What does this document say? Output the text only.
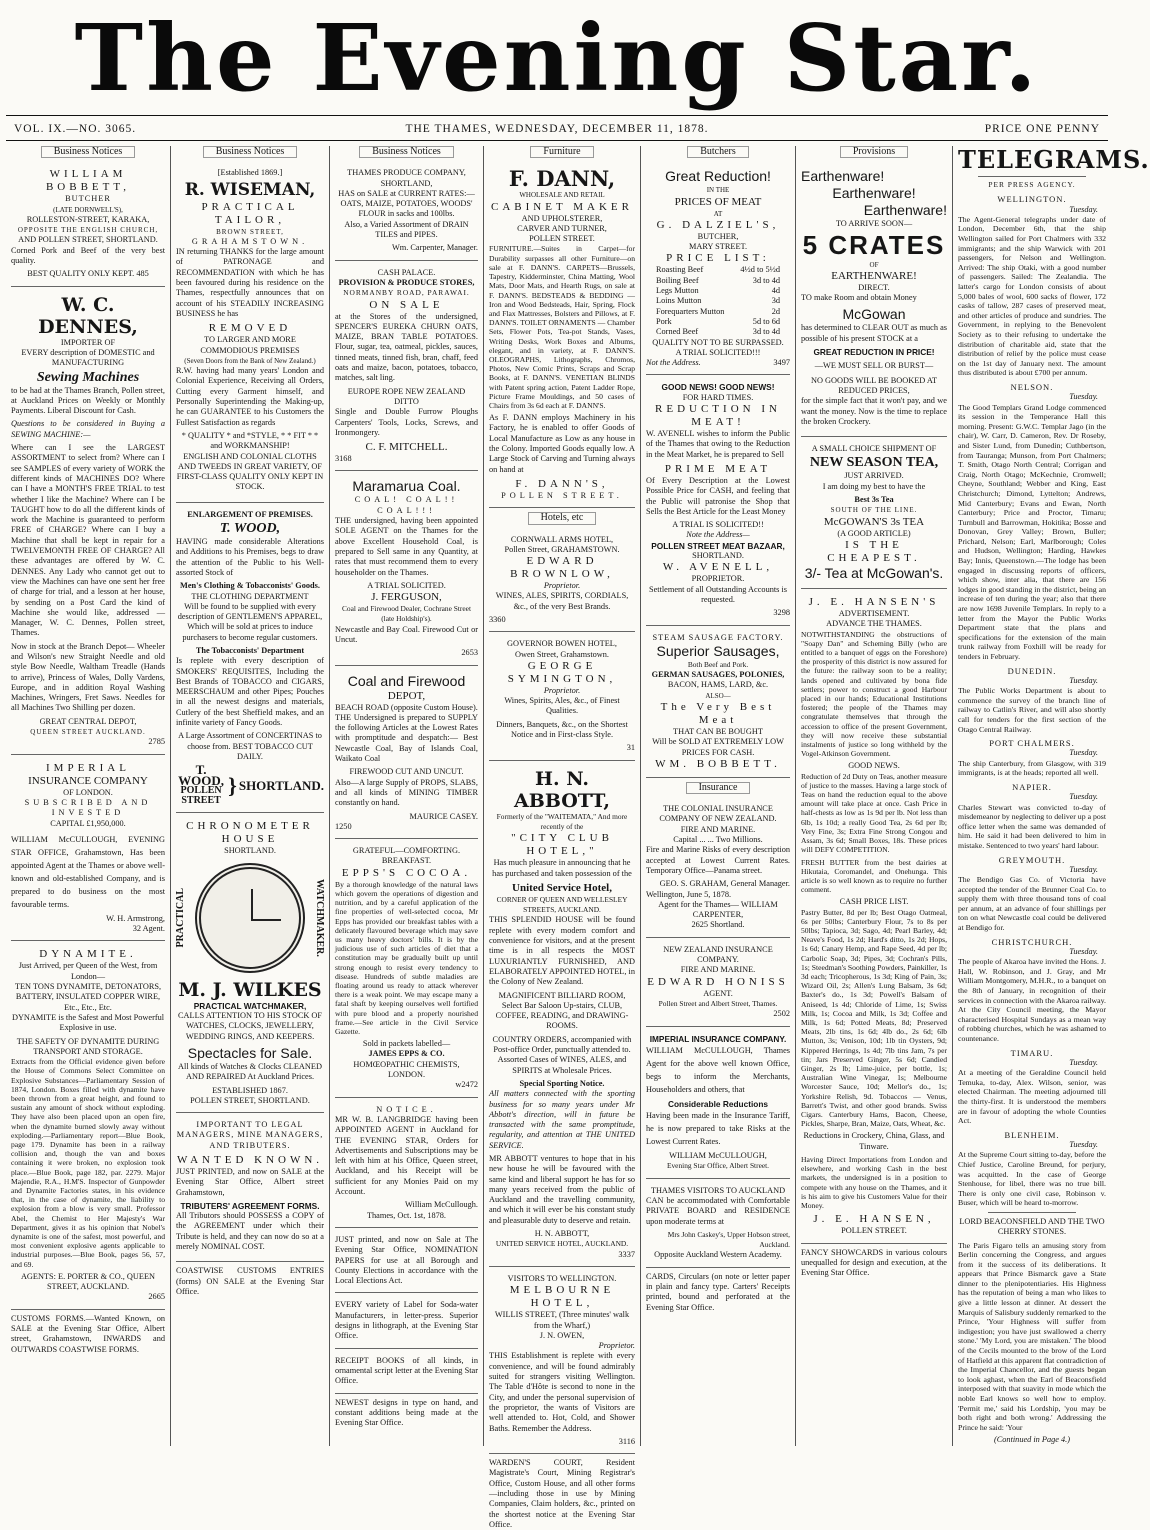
The Evening Star.
VOL. IX.—NO. 3065.	THE THAMES, WEDNESDAY, DECEMBER 11, 1878.	PRICE ONE PENNY
Business Notices
WILLIAM BOBBETT,
BUTCHER
(LATE DORNWELL'S),
ROLLESTON-STREET, KARAKA,
OPPOSITE THE ENGLISH CHURCH,
AND POLLEN STREET, SHORTLAND.

Corned Pork and Beef of the very best quality.

BEST QUALITY ONLY KEPT. 485
W. C. DENNES,
IMPORTER OF
EVERY description of DOMESTIC and MANUFACTURING
Sewing Machines

to be had at the Thames Branch, Pollen street, at Auckland Prices on Weekly or Monthly Payments. Liberal Discount for Cash.

Questions to be considered in Buying a SEWING MACHINE:—

Where can I see the LARGEST ASSORTMENT to select from? Where can I see SAMPLES of every variety of WORK the different kinds of MACHINES DO? Where can I have a MONTH'S FREE TRIAL to test whether I like the Machine? Where can I be TAUGHT how to do all the different kinds of work the Machine is guaranteed to perform FREE of CHARGE? Where can I buy a Machine that shall be kept in repair for a TWELVEMONTH FREE OF CHARGE? All these advantages are offered by W. C. DENNES. Any Lady who cannot get out to view the Machines can have one sent her free of charge for trial, and a lesson at her house, by sending on a Post Card the kind of Machine she would like, addressed — Manager, W. C. Dennes, Pollen street, Thames.

Now in stock at the Branch Depot— Wheeler and Wilson's new Straight Needle and old style Bow Needle, Waltham Treadle (Hands to arrive), Princess of Wales, Dolly Vardens, Europe, and in addition Royal Washing Machines, Wringers, Fret Saws. Needles for all Machines Two Shilling per dozen.

GREAT CENTRAL DEPOT,
QUEEN STREET AUCKLAND.
2785
IMPERIAL
INSURANCE COMPANY
OF LONDON.
SUBSCRIBED AND INVESTED
CAPITAL £1,950,000.

WILLIAM McCULLOUGH, EVENING STAR OFFICE, Grahamstown, Has been appointed Agent at the Thames or above well-known and old-established Company, and is prepared to do business on the most favourable terms.

W. H. Armstrong,
32 Agent.
DYNAMITE.
Just Arrived, per Queen of the West, from London—
TEN TONS DYNAMITE, DETONATORS, BATTERY, INSULATED COPPER WIRE, Etc., Etc., Etc.

DYNAMITE is the Safest and Most Powerful Explosive in use.

THE SAFETY OF DYNAMITE DURING TRANSPORT AND STORAGE.

Extracts from the Official evidence given before the House of Commons Select Committee on Explosive Substances—Parliamentary Session of 1874, London. Boxes filled with dynamite have been thrown from a great height, and found to sustain any amount of shock without exploding. They have also been placed upon an open fire, when the dynamite burned slowly away without exploding.—Parliamentary report—Blue Book, page 179. Dynamite has been in a railway collision and, though the van and boxes containing it were broken, no explosion took place.—Blue Book, page 182, par. 2279. Major Majendie, R.A., H.M'S. Inspector of Gunpowder and Dynamite Factories states, in his evidence that, in the case of dynamite, the liability to explosion from a blow is very small. Professor Abel, the Chemist to Her Majesty's War Department, gives it as his opinion that Nobel's dynamite is one of the safest, most powerful, and most convenient explosive agents applicable to industrial purposes.—Blue Book, pages 56, 57, and 69.

AGENTS: E. PORTER & CO., QUEEN STREET, AUCKLAND.
2665
CUSTOMS FORMS.—Wanted Known, on SALE at the Evening Star Office, Albert street, Grahamstown, INWARDS and OUTWARDS COASTWISE FORMS.
Business Notices
[Established 1869.]
R. WISEMAN,
PRACTICAL TAILOR,
BROWN STREET,
GRAHAMSTOWN.

IN returning THANKS for the large amount of PATRONAGE and RECOMMENDATION with which he has been favoured during his residence on the Thames, respectfully announces that on account of his STEADILY INCREASING BUSINESS he has

REMOVED
TO LARGER AND MORE COMMODIOUS PREMISES
(Seven Doors from the Bank of New Zealand.)

R.W. having had many years' London and Colonial Experience, Receiving all Orders, Cutting every Garment himself, and Personally Superintending the Making-up, he can GUARANTEE to his Customers the Fullest Satisfaction as regards

* QUALITY * and *STYLE, * * FIT * * and WORKMANSHIP!

ENGLISH AND COLONIAL CLOTHS AND TWEEDS IN GREAT VARIETY, OF FIRST-CLASS QUALITY ONLY KEPT IN STOCK.

ENLARGEMENT OF PREMISES.
T. WOOD,

HAVING made considerable Alterations and Additions to his Premises, begs to draw the attention of the Public to his Well-assorted Stock of

Men's Clothing & Tobacconists' Goods.
THE CLOTHING DEPARTMENT

Will be found to be supplied with every description of GENTLEMEN'S APPAREL, Which will be sold at prices to induce purchasers to become regular customers.

The Tobacconists' Department

Is replete with every description of SMOKERS' REQUISITES, Including the Best Brands of TOBACCO and CIGARS, MEERSCHAUM and other Pipes; Pouches in all the newest designs and materials, Cutlery of the best Sheffield makes, and an infinite variety of Fancy Goods.

A Large Assortment of CONCERTINAS to choose from. BEST TOBACCO CUT DAILY.

T. WOOD,
POLLEN STREET
} SHORTLAND.
CHRONOMETER HOUSE
SHORTLAND.
PRACTICAL	WATCHMAKER.
M. J. WILKES
PRACTICAL WATCHMAKER,

CALLS ATTENTION TO HIS STOCK OF WATCHES, CLOCKS, JEWELLERY, WEDDING RINGS, AND KEEPERS.

Spectacles for Sale.

All kinds of Watches & Clocks CLEANED AND REPAIRED At Auckland Prices.

ESTABLISHED 1867.
POLLEN STREET, SHORTLAND.

IMPORTANT TO LEGAL MANAGERS, MINE MANAGERS, AND TRIBUTERS.

WANTED KNOWN.

JUST PRINTED, and now on SALE at the Evening Star Office, Albert street Grahamstown,

TRIBUTERS' AGREEMENT FORMS.

All Tributors should POSSESS a COPY of the AGREEMENT under which their Tribute is held, and they can now do so at a merely NOMINAL COST.

COASTWISE CUSTOMS ENTRIES (forms) ON SALE at the Evening Star Office.
Business Notices
THAMES PRODUCE COMPANY, SHORTLAND,
HAS on SALE at CURRENT RATES:—
OATS, MAIZE, POTATOES, WOODS' FLOUR in sacks and 100lbs.

Also, a Varied Assortment of DRAIN TILES and PIPES.

Wm. Carpenter, Manager.
CASH PALACE.
PROVISION & PRODUCE STORES,
NORMANBY ROAD, PARAWAI.
ON SALE

at the Stores of the undersigned, SPENCER'S EUREKA CHURN OATS, MAIZE, BRAN TABLE POTATOES. Flour, sugar, tea, oatmeal, pickles, sauces, tinned meats, tinned fish, bran, chaff, feed oats and maize, bacon, potatoes, tobacco, matches, salt ling.

EUROPE ROPE NEW ZEALAND DITTO

Single and Double Furrow Ploughs Carpenters' Tools, Locks, Screws, and Ironmongery.

C. F. MITCHELL.
3168
Maramarua Coal.
COAL! COAL!! COAL!!!

THE undersigned, having been appointed SOLE AGENT on the Thames for the above Excellent Household Coal, is prepared to Sell same in any Quantity, at rates that must recommend them to every householder on the Thames.

A TRIAL SOLICITED.
J. FERGUSON,
Coal and Firewood Dealer, Cochrane Street (late Holdship's).

Newcastle and Bay Coal. Firewood Cut or Uncut.

2653
Coal and Firewood
DEPOT,
BEACH ROAD (opposite Custom House).

THE Undersigned is prepared to SUPPLY the following Articles at the Lowest Rates with promptitude and despatch:— Best Newcastle Coal, Bay of Islands Coal, Waikato Coal

FIREWOOD CUT AND UNCUT.

Also—A large Supply of PROPS, SLABS, and all kinds of MINING TIMBER constantly on hand.

MAURICE CASEY.
1250
GRATEFUL—COMFORTING.
BREAKFAST.
EPPS'S COCOA.

By a thorough knowledge of the natural laws which govern the operations of digestion and nutrition, and by a careful application of the fine properties of well-selected cocoa, Mr Epps has provided our breakfast tables with a delicately flavoured beverage which may save us many heavy doctors' bills. It is by the judicious use of such articles of diet that a constitution may be gradually built up until strong enough to resist every tendency to disease. Hundreds of subtle maladies are floating around us ready to attack wherever there is a weak point. We may escape many a fatal shaft by keeping ourselves well fortified with pure blood and a properly nourished frame.—See article in the Civil Service Gazette.

Sold in packets labelled—
JAMES EPPS & CO.
HOMŒOPATHIC CHEMISTS, LONDON.
w2472
NOTICE.

MR W. B. LANGBRIDGE having been APPOINTED AGENT in Auckland for THE EVENING STAR, Orders for Advertisements and Subscriptions may be left with him at his Office, Queen street, Auckland, and his Receipt will be sufficient for any Monies Paid on my Account.

William McCullough.
Thames, Oct. 1st, 1878.

JUST printed, and now on Sale at The Evening Star Office, NOMINATION PAPERS for use at all Borough and County Elections in accordance with the Local Elections Act.

EVERY variety of Label for Soda-water Manufacturers, in letter-press. Superior designs in lithograph, at the Evening Star Office.

RECEIPT BOOKS of all kinds, in ornamental script letter at the Evening Star Office.

NEWEST designs in type on hand, and constant additions being made at the Evening Star Office.

Furniture
F. DANN,
WHOLESALE AND RETAIL
CABINET MAKER
AND UPHOLSTERER,
CARVER AND TURNER,
POLLEN STREET.

FURNITURE.—Suites in Carpet—for Durability surpasses all other Furniture—on sale at F. DANN'S. CARPETS—Brussels, Tapestry, Kidderminster, China Matting, Wool Mats, Door Mats, and Hearth Rugs, on sale at F. DANN'S. BEDSTEADS & BEDDING — Iron and Wood Bedsteads, Hair, Spring, Flock and Flax Mattresses, Bolsters and Pillows, at F. DANN'S. TOILET ORNAMENTS — Chamber Sets, Flower Pots, Tea-pot Stands, Vases, Writing Desks, Work Boxes and Albums, elegant, and in variety, at F. DANN'S. OLEOGRAPHS, Lithographs, Chromos, Photos, New Comic Prints, Scraps and Scrap Books, at F. DANN'S. VENETIAN BLINDS with Patent spring action, Patent Ladder Rope, Picture Frame Mouldings, and 50 cases of Chairs from 3s 6d each at F. DANN'S.

As F. DANN employs Machinery in his Factory, he is enabled to offer Goods of Local Manufacture as Low as any house in the Colony. Imported Goods equally low. A Large Stock of Carving and Turning always on hand at

F. DANN'S,
POLLEN STREET.
Hotels, etc
CORNWALL ARMS HOTEL,
Pollen Street, GRAHAMSTOWN.
EDWARD BROWNLOW,
Proprietor.

WINES, ALES, SPIRITS, CORDIALS, &c., of the very Best Brands.

3360
GOVERNOR BOWEN HOTEL,
Owen Street, Grahamstown.
GEORGE SYMINGTON,
Proprietor.

Wines, Spirits, Ales, &c., of Finest Qualities.

Dinners, Banquets, &c., on the Shortest Notice and in First-class Style.

31
H. N. ABBOTT,
Formerly of the "WAITEMATA," And more recently of the
"CITY CLUB HOTEL,"

Has much pleasure in announcing that he has purchased and taken possession of the

United Service Hotel,
CORNER OF QUEEN AND WELLESLEY STREETS, AUCKLAND.

THIS SPLENDID HOUSE will be found replete with every modern comfort and convenience for visitors, and at the present time is in all respects the MOST LUXURIANTLY FURNISHED, AND ELABORATELY APPOINTED HOTEL, in the Colony of New Zealand.

MAGNIFICENT BILLIARD ROOM, Select Bar Saloon Up-stairs, CLUB, COFFEE, READING, and DRAWING-ROOMS.

COUNTRY ORDERS, accompanied with Post-office Order, punctually attended to. Assorted Cases of WINES, ALES, and SPIRITS at Wholesale Prices.

Special Sporting Notice.

All matters connected with the sporting business for so many years under Mr Abbott's direction, will in future be transacted with the same promptitude, regularity, and attention at THE UNITED SERVICE.

MR ABBOTT ventures to hope that in his new house he will be favoured with the same kind and liberal support he has for so many years received from the public of Auckland and the travelling community, and which it will ever be his constant study and pleasurable duty to deserve and retain.

H. N. ABBOTT,
UNITED SERVICE HOTEL, AUCKLAND.
3337
VISITORS TO WELLINGTON.
MELBOURNE HOTEL,
WILLIS STREET, (Three minutes' walk from the Wharf,)
J. N. OWEN,
Proprietor.

THIS Establishment is replete with every convenience, and will be found admirably suited for strangers visiting Wellington. The Table d'Hôte is second to none in the City, and under the personal supervision of the proprietor, the wants of Visitors are well attended to. Hot, Cold, and Shower Baths. Remember the Address.

3116
WARDEN'S COURT, Resident Magistrate's Court, Mining Registrar's Office, Custom House, and all other forms—including those in use by Mining Companies, Claim holders, &c., printed on the shortest notice at the Evening Star Office.
Butchers
Great Reduction!
IN THE
PRICES OF MEAT
AT
G. DALZIEL'S,
BUTCHER,
MARY STREET.
PRICE LIST:
Roasting Beef	4½d to 5½d
Boiling Beef	3d to 4d
Legs Mutton	4d
Loins Mutton	3d
Forequarters Mutton	2d
Pork	5d to 6d
Corned Beef	3d to 4d
QUALITY NOT TO BE SURPASSED.
A TRIAL SOLICITED!!!
Not the Address.	3497
GOOD NEWS! GOOD NEWS!
FOR HARD TIMES.
REDUCTION IN MEAT!

W. AVENELL wishes to inform the Public of the Thames that owing to the Reduction in the Meat Market, he is prepared to Sell

PRIME MEAT

Of Every Description at the Lowest Possible Price for CASH, and feeling that the Public will patronise the Shop that Sells the Best Article for the Least Money

A TRIAL IS SOLICITED!!
Note the Address—
POLLEN STREET MEAT BAZAAR,
SHORTLAND.
W. AVENELL,
PROPRIETOR.

Settlement of all Outstanding Accounts is requested.

3298
STEAM SAUSAGE FACTORY.
Superior Sausages,
Both Beef and Pork.
GERMAN SAUSAGES, POLONIES,
BACON, HAMS, LARD, &c.
ALSO—
The Very Best Meat
THAT CAN BE BOUGHT
Will be SOLD AT EXTREMELY LOW
PRICES FOR CASH.
WM. BOBBETT.
Insurance
THE COLONIAL INSURANCE COMPANY OF NEW ZEALAND.
FIRE AND MARINE.
Capital ... ... Two Millions.

Fire and Marine Risks of every description accepted at Lowest Current Rates. Temporary Office—Panama street.

GEO. S. GRAHAM, General Manager.
Wellington, June 5, 1878.
Agent for the Thames— WILLIAM CARPENTER,
2625 Shortland.
NEW ZEALAND INSURANCE COMPANY.
FIRE AND MARINE.
EDWARD HONISS
AGENT.
Pollen Street and Albert Street, Thames.
2502
IMPERIAL INSURANCE COMPANY.

WILLIAM McCULLOUGH, Thames Agent for the above well known Office, begs to inform the Merchants, Householders and others, that

Considerable Reductions

Having been made in the Insurance Tariff, he is now prepared to take Risks at the Lowest Current Rates.

WILLIAM McCULLOUGH,
Evening Star Office, Albert Street.
THAMES VISITORS TO AUCKLAND

CAN be accommodated with Comfortable PRIVATE BOARD and RESIDENCE upon moderate terms at

Mrs John Caskey's, Upper Hobson street, Auckland.
Opposite Auckland Western Academy.
CARDS, Circulars (on note or letter paper in plain and fancy type. Carters' Receipts printed, bound and perforated at the Evening Star Office.
Provisions
Earthenware!
Earthenware!
Earthenware!
TO ARRIVE SOON—
5 CRATES
OF
EARTHENWARE!
DIRECT.

TO make Room and obtain Money

McGowan

has determined to CLEAR OUT as much as possible of his present STOCK at a

GREAT REDUCTION IN PRICE!
—WE MUST SELL OR BURST—
NO GOODS WILL BE BOOKED AT REDUCED PRICES,

for the simple fact that it won't pay, and we want the money. Now is the time to replace the broken Crockery.

A SMALL CHOICE SHIPMENT OF
NEW SEASON TEA,
JUST ARRIVED.

I am doing my best to have the

Best 3s Tea
SOUTH OF THE LINE.
McGOWAN'S 3s TEA
(A GOOD ARTICLE)
IS THE CHEAPEST.
3/- Tea at McGowan's.
J. E. HANSEN'S
ADVERTISEMENT.
ADVANCE THE THAMES.

NOTWITHSTANDING the obstructions of "Soapy Dan" and Scheming Billy (who are entitled to a banquet of eggs on the Foreshore) the prosperity of this district is now assured for the future: the railway soon to be a reality; lands opened and cultivated by bona fide settlers; power to construct a good Harbour placed in our hands; Educational Institutions fostered; the people of the Thames may congratulate themselves that through the accession to office of the present Government, they will now receive these substantial instalments of justice so long withheld by the Vogel-Atkinson Government.

GOOD NEWS.

Reduction of 2d Duty on Teas, another measure of justice to the masses. Having a large stock of Teas on hand the reduction equal to the above amount will take place at once. Cash Price in half-chests as low as 1s 9d per lb. Not less than 6lb, 1s 10d; a really Good Tea, 2s 6d per lb; Very Fine, 3s; Extra Fine Strong Congou and Assam, 3s 6d; Small Boxes, 18s. These prices will DEFY COMPETITION.

FRESH BUTTER from the best dairies at Hikutaia, Coromandel, and Onehunga. This article is so well known as to require no further comment.

CASH PRICE LIST.

Pastry Butter, 8d per lb; Best Otago Oatmeal, 6s per 50lbs; Canterbury Flour, 7s to 8s per 50lbs; Tapioca, 3d; Sago, 4d; Pearl Barley, 4d; Neave's Food, 1s 2d; Hard's ditto, 1s 2d; Hops, 1s 6d; Canary Hemp, and Rape Seed, 4d per lb; Carbolic Soap, 3d; Pipes, 3d; Cochran's Pills, 1s; Steedman's Soothing Powders, Painkiller, 1s 3d each; Tricopherous, 1s 3d; King of Pain, 3s; Wizard Oil, 2s; Allen's Lung Balsam, 3s 6d; Baxter's do., 1s 3d; Powell's Balsam of Aniseed, 1s 4d; Chloride of Lime, 1s; Swiss Milk, 1s; Cocoa and Milk, 1s 3d; Coffee and Milk, 1s 6d; Potted Meats, 8d; Preserved Meats, 2lb tins, 1s 6d; 4lb do., 2s 6d; 6lb Mutton, 3s; Venison, 10d; 1lb tin Oysters, 9d; Kippered Herrings, 1s 4d; 7lb tins Jam, 7s per tin; Jars Preserved Ginger, 5s 6d; Candied Ginger, 2s lb; Lime-juice, per bottle, 1s; Australian Wine Vinegar, 1s; Melbourne Worcester Sauce, 10d; Mellor's do., 1s; Yorkshire Relish, 9d. Tobaccos — Venus, Barrett's Twist, and other good brands. Swiss Cigars. Canterbury Hams, Bacon, Cheese, Pickles, Sharpe, Bran, Maize, Oats, Wheat, &c.

Reductions in Crockery, China, Glass, and Tinware.

Having Direct Importations from London and elsewhere, and working Cash in the best markets, the undersigned is in a position to compete with any house on the Thames, and it is his aim to give his Customers Value for their Money.

J. E. HANSEN,
POLLEN STREET.
FANCY SHOWCARDS in various colours unequalled for design and execution, at the Evening Star Office.
TELEGRAMS.
PER PRESS AGENCY.
WELLINGTON.
Tuesday.

The Agent-General telegraphs under date of London, December 6th, that the ship Wellington sailed for Port Chalmers with 332 immigrants; and the ship Warwick with 201 passengers, for Nelson and Wellington. Arrived: The ship Otaki, with a good number of passengers. Sailed: The Zealandia. The latter's cargo for London consists of about 5,000 bales of wool, 600 sacks of flower, 172 casks of tallow, 287 cases of preserved meat, and other articles of produce and sundries. The Government, in replying to the Benevolent Society as to their refusing to undertake the distribution of charitable aid, state that the distribution of relief by the police must cease on the 1st day of January next. The amount thus distributed is about £700 per annum.

NELSON.
Tuesday.

The Good Templars Grand Lodge commenced its session in the Temperance Hall this morning. Present: G.W.C. Templar Jago (in the chair), W. Carr, D. Cameron, Rev. Dr Roseby, and Sister Lund, from Dunedin; Cuthbertson, from Tauranga; Munson, from Port Chalmers; T. Smith, Otago North Central; Corrigan and Craig, North Otago; McKechnie, Cromwell; Cheyne, Southland; Webber and King, East Christchurch; Dimond, Lyttelton; Andrews, Mid Canterbury; Evans and Ewan, North Canterbury; Price and Proctor, Timaru; Turnbull and Barrowman, Hokitika; Bosse and Donovan, Grey Valley; Brown, Buller; Prichard, Nelson; Earl, Marlborough; Coles and Hudson, Wellington; Harding, Hawkes Bay; Innis, Queenstown.—The lodge has been engaged in discussing reports of officers, which show, inter alia, that there are 156 lodges in good standing in the district, being an increase of ten during the year; also that there are now 1698 Juvenile Templars. In reply to a letter from the Mayor the Public Works Department state that the plans and specifications for the extension of the main trunk railway from Foxhill will be ready for tenders in February.

DUNEDIN.
Tuesday.

The Public Works Department is about to commence the survey of the branch line of railway to Catlin's River, and will also shortly call for tenders for the first section of the Otago Central Railway.

PORT CHALMERS.
Tuesday.

The ship Canterbury, from Glasgow, with 319 immigrants, is at the heads; reported all well.

NAPIER.
Tuesday.

Charles Stewart was convicted to-day of misdemeanor by neglecting to deliver up a post office letter when the same was demanded of him. He said it had been delivered to him in mistake. Sentenced to two years' hard labour.

GREYMOUTH.
Tuesday.

The Bendigo Gas Co. of Victoria have accepted the tender of the Brunner Coal Co. to supply them with three thousand tons of coal per annum, at an advance of four shillings per ton on what Newcastle coal could be delivered at Bendigo for.

CHRISTCHURCH.
Tuesday.

The people of Akaroa have invited the Hons. J. Hall, W. Robinson, and J. Gray, and Mr William Montgomery, M.H.R., to a banquet on the 8th of January, in recognition of their services in connection with the Akaroa railway. At the City Council meeting, the Mayor characterised Hospital Sundays as a mean way of robbing churches, which he was ashamed to countenance.

TIMARU.
Tuesday.

At a meeting of the Geraldine Council held Temuka, to-day, Alex. Wilson, senior, was elected Chairman. The meeting adjourned till the thirty-first. It is understood the members are in favour of adopting the whole Counties Act.

BLENHEIM.
Tuesday.

At the Supreme Court sitting to-day, before the Chief Justice, Caroline Breund, for perjury, was acquitted. In the case of George Stenhouse, for libel, there was no true bill. There is only one civil case, Robinson v. Buser, which will be heard to-morrow.

LORD BEACONSFIELD AND THE TWO CHERRY STONES.

The Paris Figaro tells an amusing story from Berlin concerning the Congress, and argues from it the success of its deliberations. It appears that Prince Bismarck gave a State dinner to the plenipotentiaries. His Highness has the reputation of being a man who likes to give a little lesson at dinner. At dessert the Marquis of Salisbury suddenly remarked to the Prince, 'Your Highness will suffer from indigestion; you have just swallowed a cherry stone.' 'My Lord, you are mistaken.' The blood of the Cecils mounted to the brow of the Lord of Hatfield at this apparent flat contradiction of the Imperial Chancellor, and the guests began to look aghast, when the Earl of Beaconsfield interposed with that suavity in mode which the noble Earl knows so well how to employ. 'Permit me,' said his Lordship, 'you may be both right and both wrong.' Addressing the Prince he said: 'Your

(Continued in Page 4.)
